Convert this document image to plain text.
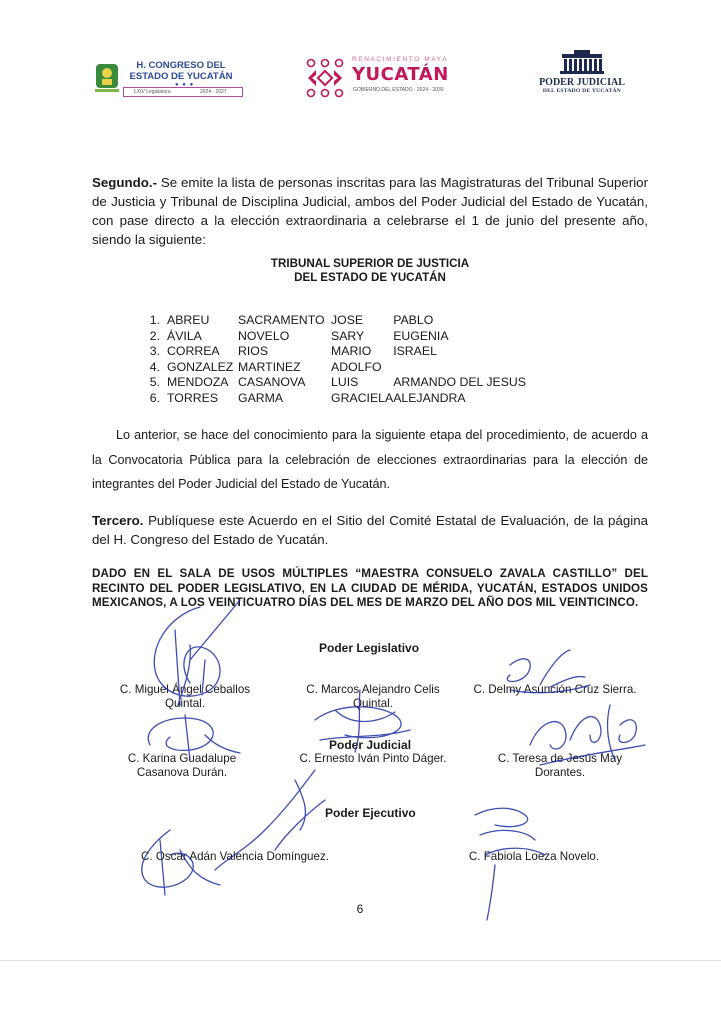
H. CONGRESO DEL
ESTADO DE YUCATÁN
● ● ●
LXIV Legislatura	2024 - 2027
RENACIMIENTO MAYA
YUCATÁN
GOBIERNO DEL ESTADO · 2024 - 2030
PODER JUDICIAL
DEL ESTADO DE YUCATÁN
Segundo.- Se emite la lista de personas inscritas para las Magistraturas del Tribunal Superior de Justicia y Tribunal de Disciplina Judicial, ambos del Poder Judicial del Estado de Yucatán, con pase directo a la elección extraordinaria a celebrarse el 1 de junio del presente año, siendo la siguiente:
TRIBUNAL SUPERIOR DE JUSTICIA
DEL ESTADO DE YUCATÁN
1.	ABREU	SACRAMENTO	JOSE	PABLO
2.	ÁVILA	NOVELO	SARY	EUGENIA
3.	CORREA	RIOS	MARIO	ISRAEL
4.	GONZALEZ	MARTINEZ	ADOLFO	
5.	MENDOZA	CASANOVA	LUIS	ARMANDO DEL JESUS
6.	TORRES	GARMA	GRACIELA	ALEJANDRA
Lo anterior, se hace del conocimiento para la siguiente etapa del procedimiento, de acuerdo a la Convocatoria Pública para la celebración de elecciones extraordinarias para la elección de integrantes del Poder Judicial del Estado de Yucatán.
Tercero. Publíquese este Acuerdo en el Sitio del Comité Estatal de Evaluación, de la página del H. Congreso del Estado de Yucatán.
DADO EN EL SALA DE USOS MÚLTIPLES “MAESTRA CONSUELO ZAVALA CASTILLO” DEL RECINTO DEL PODER LEGISLATIVO, EN LA CIUDAD DE MÉRIDA, YUCATÁN, ESTADOS UNIDOS MEXICANOS, A LOS VEINTICUATRO DÍAS DEL MES DE MARZO DEL AÑO DOS MIL VEINTICINCO.
Poder Legislativo
Poder Judicial
Poder Ejecutivo
C. Miguel Ángel Ceballos
Quintal.
C. Marcos Alejandro Celis
Quintal.
C. Delmy Asunción Cruz Sierra.
C. Karina Guadalupe
Casanova Durán.
C. Ernesto Iván Pinto Dáger.	C. Teresa de Jesús May
Dorantes.
C. Oscar Adán Valencia Domínguez.	C. Fabiola Loeza Novelo.
6
